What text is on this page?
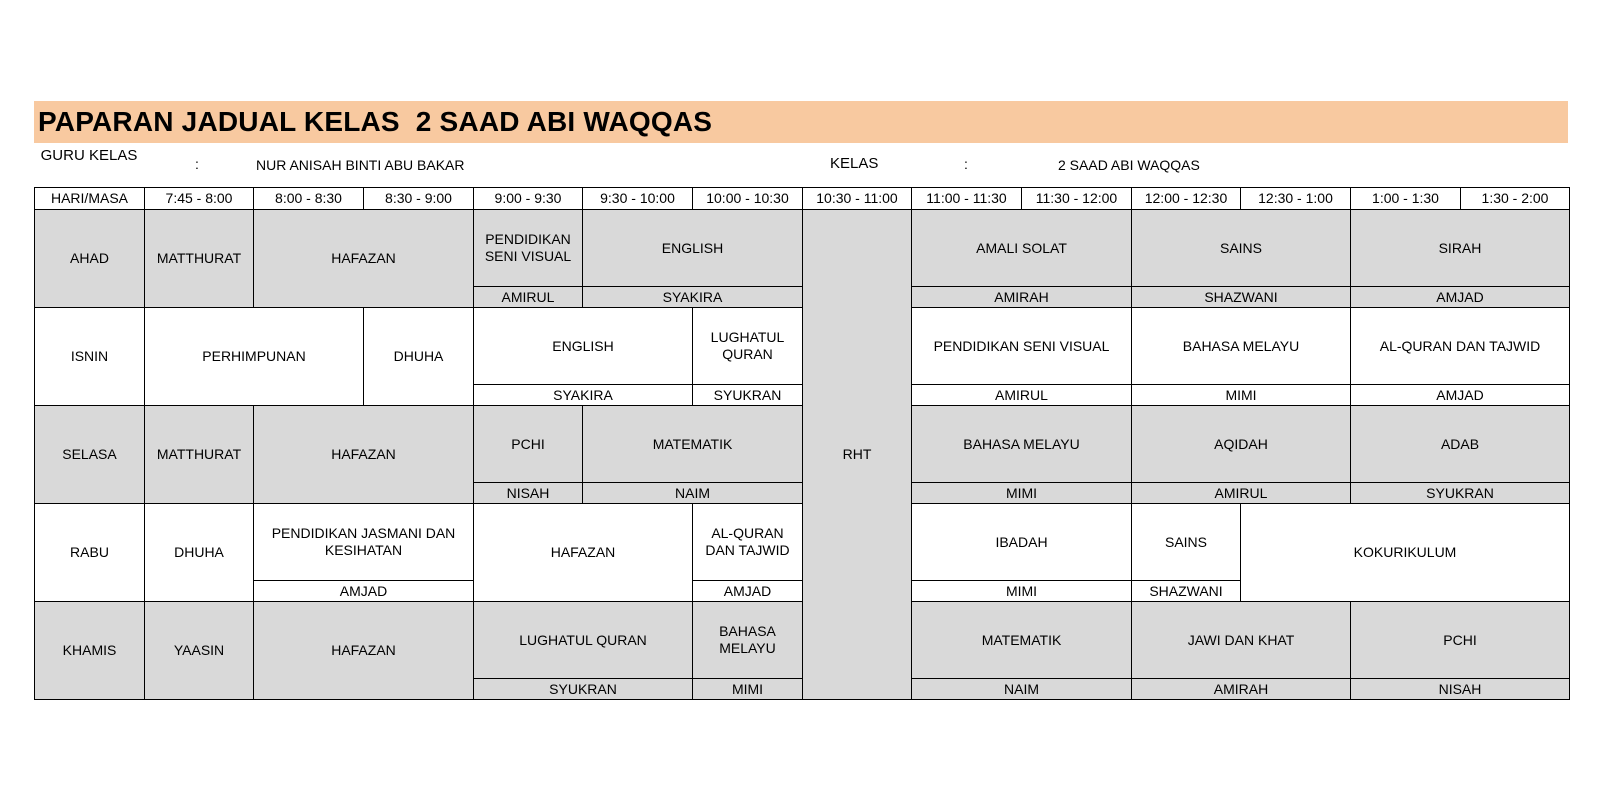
PAPARAN JADUAL KELAS  2 SAAD ABI WAQQAS
GURU KELAS	:	NUR ANISAH BINTI ABU BAKAR	KELAS	:	2 SAAD ABI WAQQAS
HARI/MASA	7:45 - 8:00	8:00 - 8:30	8:30 - 9:00	9:00 - 9:30	9:30 - 10:00	10:00 - 10:30	10:30 - 11:00	11:00 - 11:30	11:30 - 12:00	12:00 - 12:30	12:30 - 1:00	1:00 - 1:30	1:30 - 2:00
AHAD	MATTHURAT	HAFAZAN		PENDIDIKAN SENI VISUAL	ENGLISH		RHT	AMALI SOLAT		SAINS		SIRAH	
				AMIRUL	SYAKIRA			AMIRAH		SHAZWANI		AMJAD	
ISNIN	PERHIMPUNAN		DHUHA	ENGLISH		LUGHATUL QURAN		PENDIDIKAN SENI VISUAL		BAHASA MELAYU		AL-QURAN DAN TAJWID	
				SYAKIRA		SYUKRAN		AMIRUL		MIMI		AMJAD	
SELASA	MATTHURAT	HAFAZAN		PCHI	MATEMATIK			BAHASA MELAYU		AQIDAH		ADAB	
				NISAH	NAIM			MIMI		AMIRUL		SYUKRAN	
RABU	DHUHA	PENDIDIKAN JASMANI DAN KESIHATAN		HAFAZAN		AL-QURAN DAN TAJWID		IBADAH		SAINS	KOKURIKULUM		
		AMJAD				AMJAD		MIMI		SHAZWANI			
KHAMIS	YAASIN	HAFAZAN		LUGHATUL QURAN		BAHASA MELAYU		MATEMATIK		JAWI DAN KHAT		PCHI	
				SYUKRAN		MIMI		NAIM		AMIRAH		NISAH	
